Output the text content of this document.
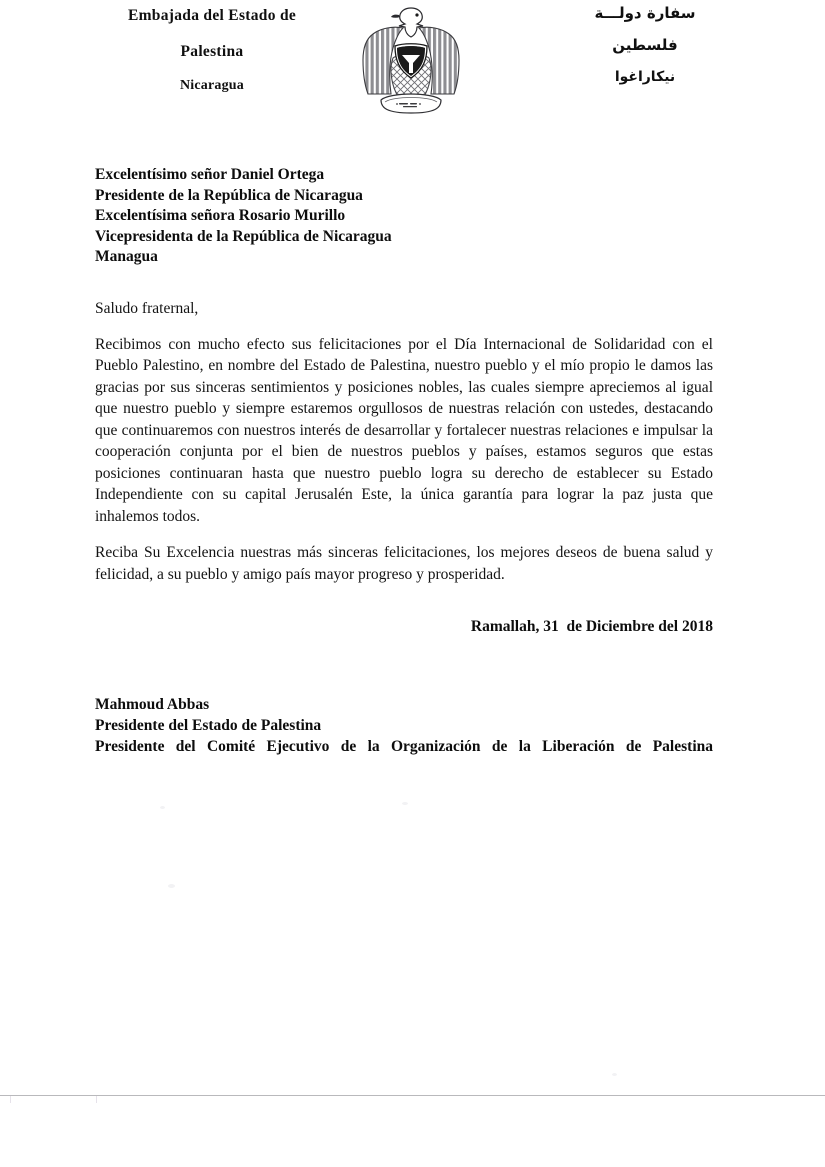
Embajada del Estado de
Palestina
Nicaragua
سفارة دولـــة
فلسطين
نيكاراغوا
Excelentísimo señor Daniel Ortega
Presidente de la República de Nicaragua
Excelentísima señora Rosario Murillo
Vicepresidenta de la República de Nicaragua
Managua

Saludo fraternal,

Recibimos con mucho efecto sus felicitaciones por el Día Internacional de Solidaridad con el Pueblo Palestino, en nombre del Estado de Palestina, nuestro pueblo y el mío propio le damos las gracias por sus sinceras sentimientos y posiciones nobles, las cuales siempre apreciemos al igual que nuestro pueblo y siempre estaremos orgullosos de nuestras relación con ustedes, destacando que continuaremos con nuestros interés de desarrollar y fortalecer nuestras relaciones e impulsar la cooperación conjunta por el bien de nuestros pueblos y países, estamos seguros que estas posiciones continuaran hasta que nuestro pueblo logra su derecho de establecer su Estado Independiente con su capital Jerusalén Este, la única garantía para lograr la paz justa que inhalemos todos.

Reciba Su Excelencia nuestras más sinceras felicitaciones, los mejores deseos de buena salud y felicidad, a su pueblo y amigo país mayor progreso y prosperidad.

Ramallah, 31  de Diciembre del 2018
Mahmoud Abbas
Presidente del Estado de Palestina
Presidente del Comité Ejecutivo de la Organización de la Liberación de Palestina
